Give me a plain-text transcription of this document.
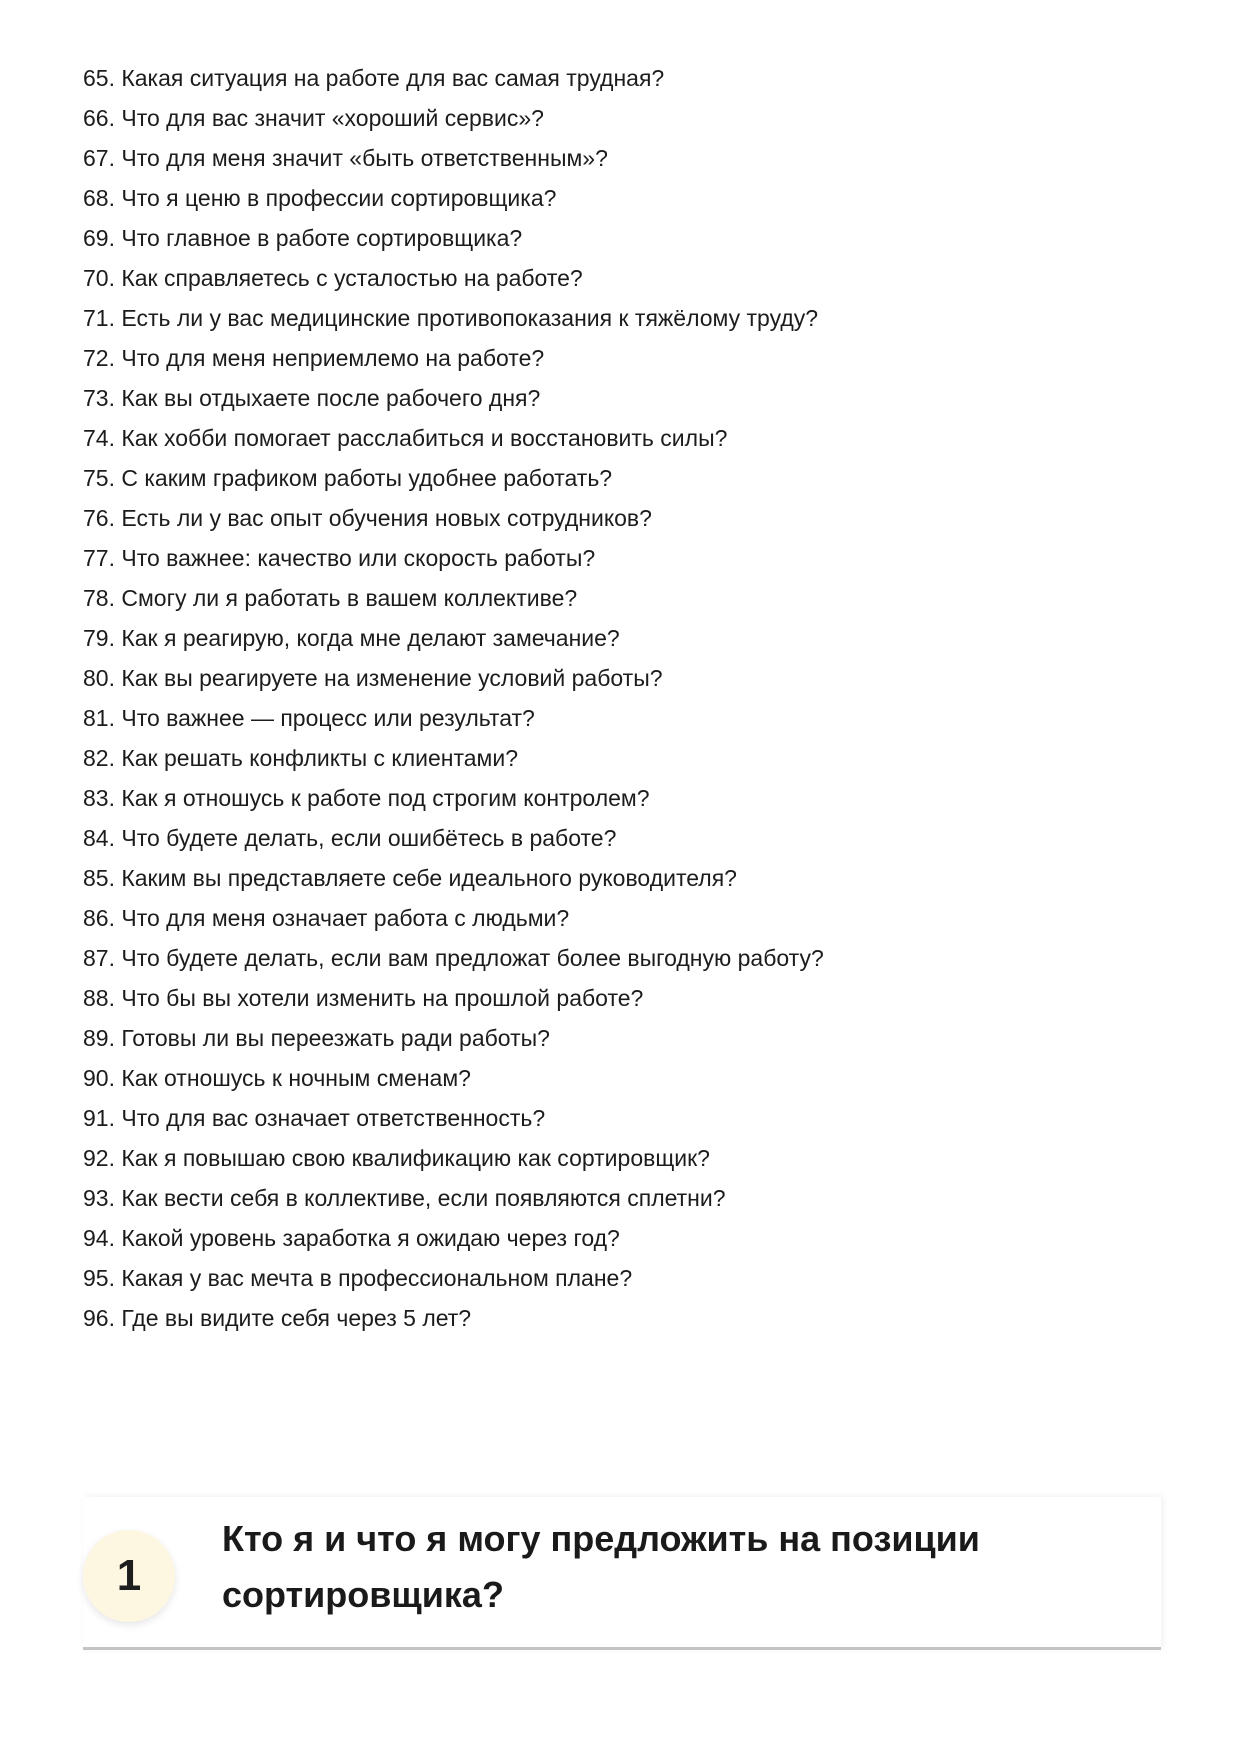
65. Какая ситуация на работе для вас самая трудная?
66. Что для вас значит «хороший сервис»?
67. Что для меня значит «быть ответственным»?
68. Что я ценю в профессии сортировщика?
69. Что главное в работе сортировщика?
70. Как справляетесь с усталостью на работе?
71. Есть ли у вас медицинские противопоказания к тяжёлому труду?
72. Что для меня неприемлемо на работе?
73. Как вы отдыхаете после рабочего дня?
74. Как хобби помогает расслабиться и восстановить силы?
75. С каким графиком работы удобнее работать?
76. Есть ли у вас опыт обучения новых сотрудников?
77. Что важнее: качество или скорость работы?
78. Смогу ли я работать в вашем коллективе?
79. Как я реагирую, когда мне делают замечание?
80. Как вы реагируете на изменение условий работы?
81. Что важнее — процесс или результат?
82. Как решать конфликты с клиентами?
83. Как я отношусь к работе под строгим контролем?
84. Что будете делать, если ошибётесь в работе?
85. Каким вы представляете себе идеального руководителя?
86. Что для меня означает работа с людьми?
87. Что будете делать, если вам предложат более выгодную работу?
88. Что бы вы хотели изменить на прошлой работе?
89. Готовы ли вы переезжать ради работы?
90. Как отношусь к ночным сменам?
91. Что для вас означает ответственность?
92. Как я повышаю свою квалификацию как сортировщик?
93. Как вести себя в коллективе, если появляются сплетни?
94. Какой уровень заработка я ожидаю через год?
95. Какая у вас мечта в профессиональном плане?
96. Где вы видите себя через 5 лет?
1
Кто я и что я могу предложить на позиции сортировщика?
